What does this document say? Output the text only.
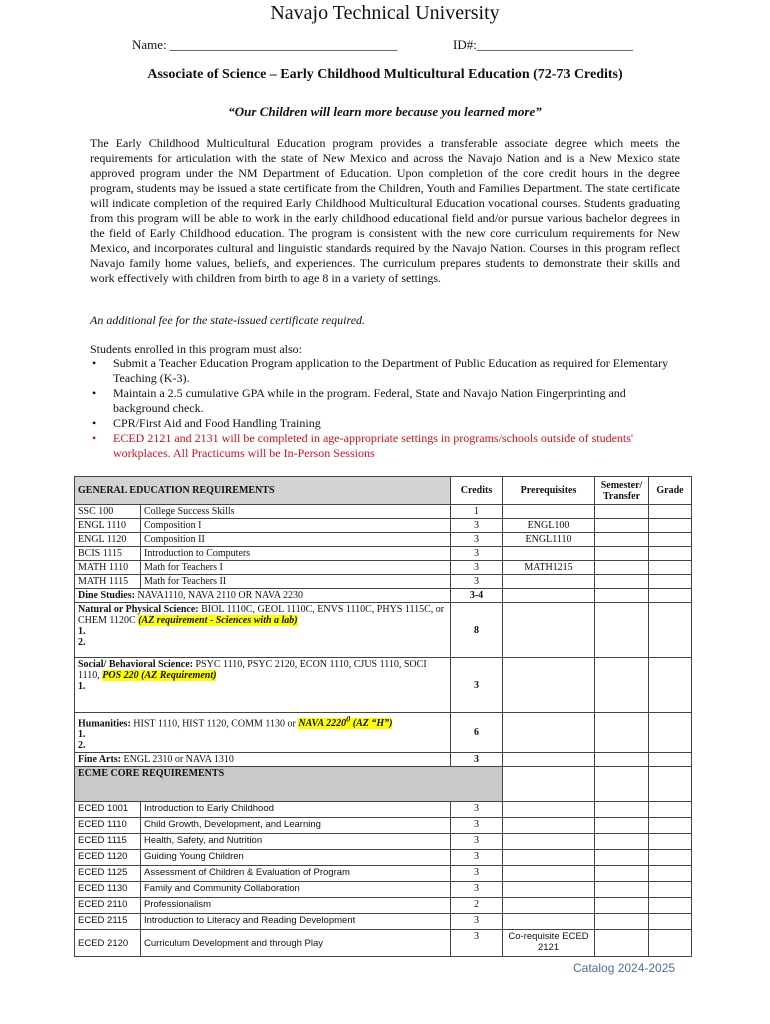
Navajo Technical University
Name: ___________________________________	ID#:________________________
Associate of Science – Early Childhood Multicultural Education (72-73 Credits)
“Our Children will learn more because you learned more”

The Early Childhood Multicultural Education program provides a transferable associate degree which meets the requirements for articulation with the state of New Mexico and across the Navajo Nation and is a New Mexico state approved program under the NM Department of Education. Upon completion of the core credit hours in the degree program, students may be issued a state certificate from the Children, Youth and Families Department. The state certificate will indicate completion of the required Early Childhood Multicultural Education vocational courses. Students graduating from this program will be able to work in the early childhood educational field and/or pursue various bachelor degrees in the field of Early Childhood education. The program is consistent with the new core curriculum requirements for New Mexico, and incorporates cultural and linguistic standards required by the Navajo Nation. Courses in this program reflect Navajo family home values, beliefs, and experiences. The curriculum prepares students to demonstrate their skills and work effectively with children from birth to age 8 in a variety of settings.

An additional fee for the state-issued certificate required.
Students enrolled in this program must also:
• Submit a Teacher Education Program application to the Department of Public Education as required for Elementary Teaching (K-3).
• Maintain a 2.5 cumulative GPA while in the program. Federal, State and Navajo Nation Fingerprinting and background check.
• CPR/First Aid and Food Handling Training
• ECED 2121 and 2131 will be completed in age-appropriate settings in programs/schools outside of students' workplaces. All Practicums will be In-Person Sessions
GENERAL EDUCATION REQUIREMENTS		Credits	Prerequisites	Semester/ Transfer	Grade
SSC 100	College Success Skills	1			
ENGL 1110	Composition I	3	ENGL100		
ENGL 1120	Composition II	3	ENGL1110		
BCIS 1115	Introduction to Computers	3			
MATH 1110	Math for Teachers I	3	MATH1215		
MATH 1115	Math for Teachers II	3			
Dine Studies: NAVA1110, NAVA 2110 OR NAVA 2230		3-4			
Natural or Physical Science: BIOL 1110C, GEOL 1110C, ENVS 1110C, PHYS 1115C, or CHEM 1120C (AZ requirement - Sciences with a lab)
1.
2.		8			
Social/ Behavioral Science: PSYC 1110, PSYC 2120, ECON 1110, CJUS 1110, SOCI 1110, POS 220 (AZ Requirement)
1.		3			
Humanities: HIST 1110, HIST 1120, COMM 1130 or NAVA 2220$^0$ (AZ “H”)
1.
2.		6			
Fine Arts: ENGL 2310 or NAVA 1310		3			
ECME CORE REQUIREMENTS					
ECED 1001	Introduction to Early Childhood	3			
ECED 1110	Child Growth, Development, and Learning	3			
ECED 1115	Health, Safety, and Nutrition	3			
ECED 1120	Guiding Young Children	3			
ECED 1125	Assessment of Children & Evaluation of Program	3			
ECED 1130	Family and Community Collaboration	3			
ECED 2110	Professionalism	2			
ECED 2115	Introduction to Literacy and Reading Development	3			
ECED 2120	Curriculum Development and through Play	3	Co-requisite ECED 2121		
Catalog 2024-2025
